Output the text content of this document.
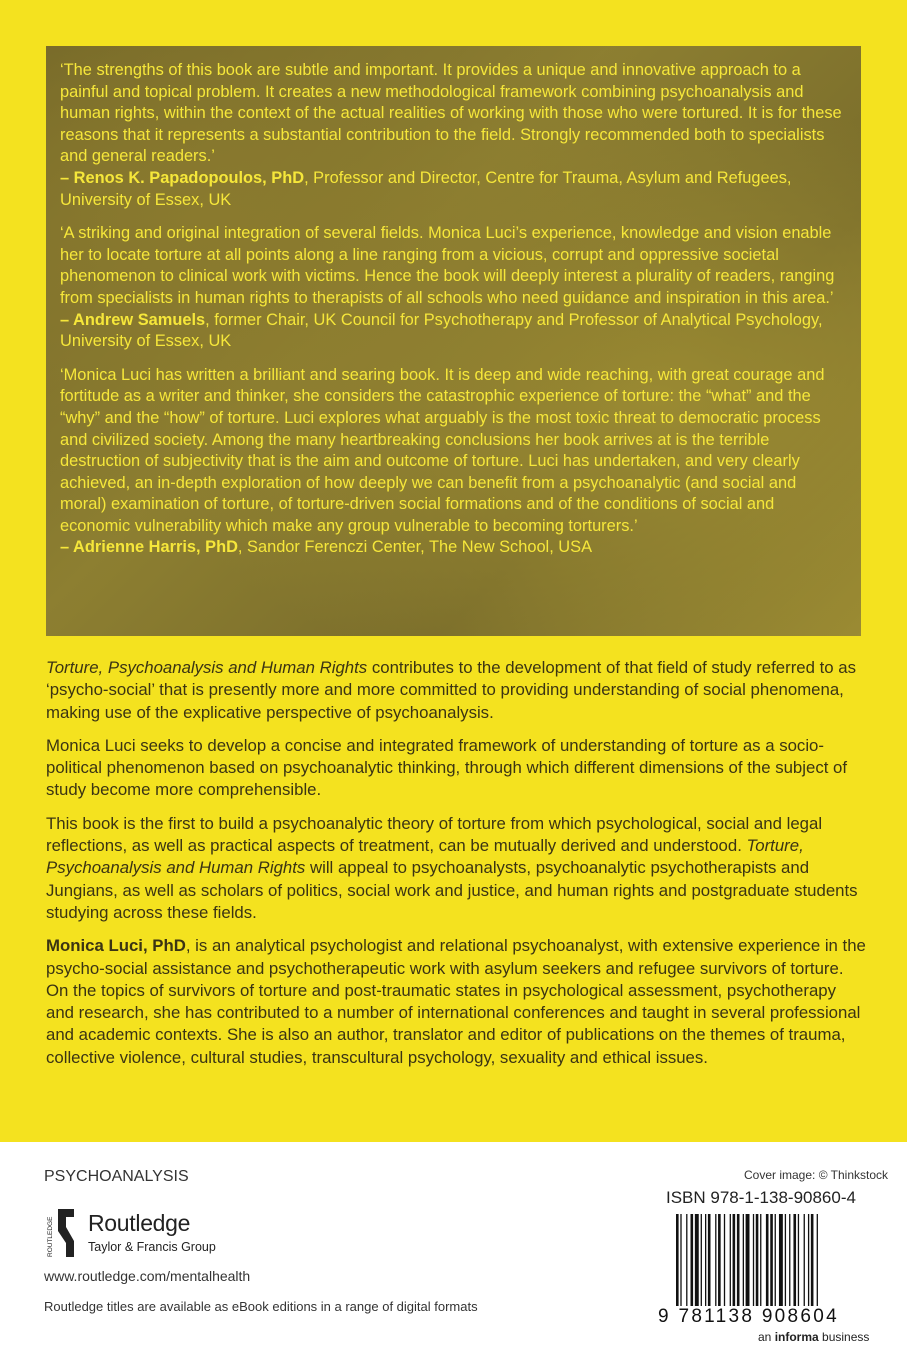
‘The strengths of this book are subtle and important. It provides a unique and innovative approach to a painful and topical problem. It creates a new methodological framework combining psychoanalysis and human rights, within the context of the actual realities of working with those who were tortured. It is for these reasons that it represents a substantial contribution to the field. Strongly recommended both to specialists and general readers.’
– Renos K. Papadopoulos, PhD, Professor and Director, Centre for Trauma, Asylum and Refugees, University of Essex, UK

‘A striking and original integration of several fields. Monica Luci’s experience, knowledge and vision enable her to locate torture at all points along a line ranging from a vicious, corrupt and oppressive societal phenomenon to clinical work with victims. Hence the book will deeply interest a plurality of readers, ranging from specialists in human rights to therapists of all schools who need guidance and inspiration in this area.’
– Andrew Samuels, former Chair, UK Council for Psychotherapy and Professor of Analytical Psychology, University of Essex, UK

‘Monica Luci has written a brilliant and searing book. It is deep and wide reaching, with great courage and fortitude as a writer and thinker, she considers the catastrophic experience of torture: the “what” and the “why” and the “how” of torture. Luci explores what arguably is the most toxic threat to democratic process and civilized society. Among the many heartbreaking conclusions her book arrives at is the terrible destruction of subjectivity that is the aim and outcome of torture. Luci has undertaken, and very clearly achieved, an in-depth exploration of how deeply we can benefit from a psychoanalytic (and social and moral) examination of torture, of torture-driven social formations and of the conditions of social and economic vulnerability which make any group vulnerable to becoming torturers.’
– Adrienne Harris, PhD, Sandor Ferenczi Center, The New School, USA

Torture, Psychoanalysis and Human Rights contributes to the development of that field of study referred to as ‘psycho-social’ that is presently more and more committed to providing understanding of social phenomena, making use of the explicative perspective of psychoanalysis.

Monica Luci seeks to develop a concise and integrated framework of understanding of torture as a socio-political phenomenon based on psychoanalytic thinking, through which different dimensions of the subject of study become more comprehensible.

This book is the first to build a psychoanalytic theory of torture from which psychological, social and legal reflections, as well as practical aspects of treatment, can be mutually derived and understood. Torture, Psychoanalysis and Human Rights will appeal to psychoanalysts, psychoanalytic psychotherapists and Jungians, as well as scholars of politics, social work and justice, and human rights and postgraduate students studying across these fields.

Monica Luci, PhD, is an analytical psychologist and relational psychoanalyst, with extensive experience in the psycho-social assistance and psychotherapeutic work with asylum seekers and refugee survivors of torture. On the topics of survivors of torture and post-traumatic states in psychological assessment, psychotherapy and research, she has contributed to a number of international conferences and taught in several professional and academic contexts. She is also an author, translator and editor of publications on the themes of trauma, collective violence, cultural studies, transcultural psychology, sexuality and ethical issues.

PSYCHOANALYSIS
ROUTLEDGE Routledge
Taylor & Francis Group
www.routledge.com/mentalhealth
Routledge titles are available as eBook editions in a range of digital formats
Cover image: © Thinkstock
ISBN 978-1-138-90860-4
9 781138 908604
an informa business
